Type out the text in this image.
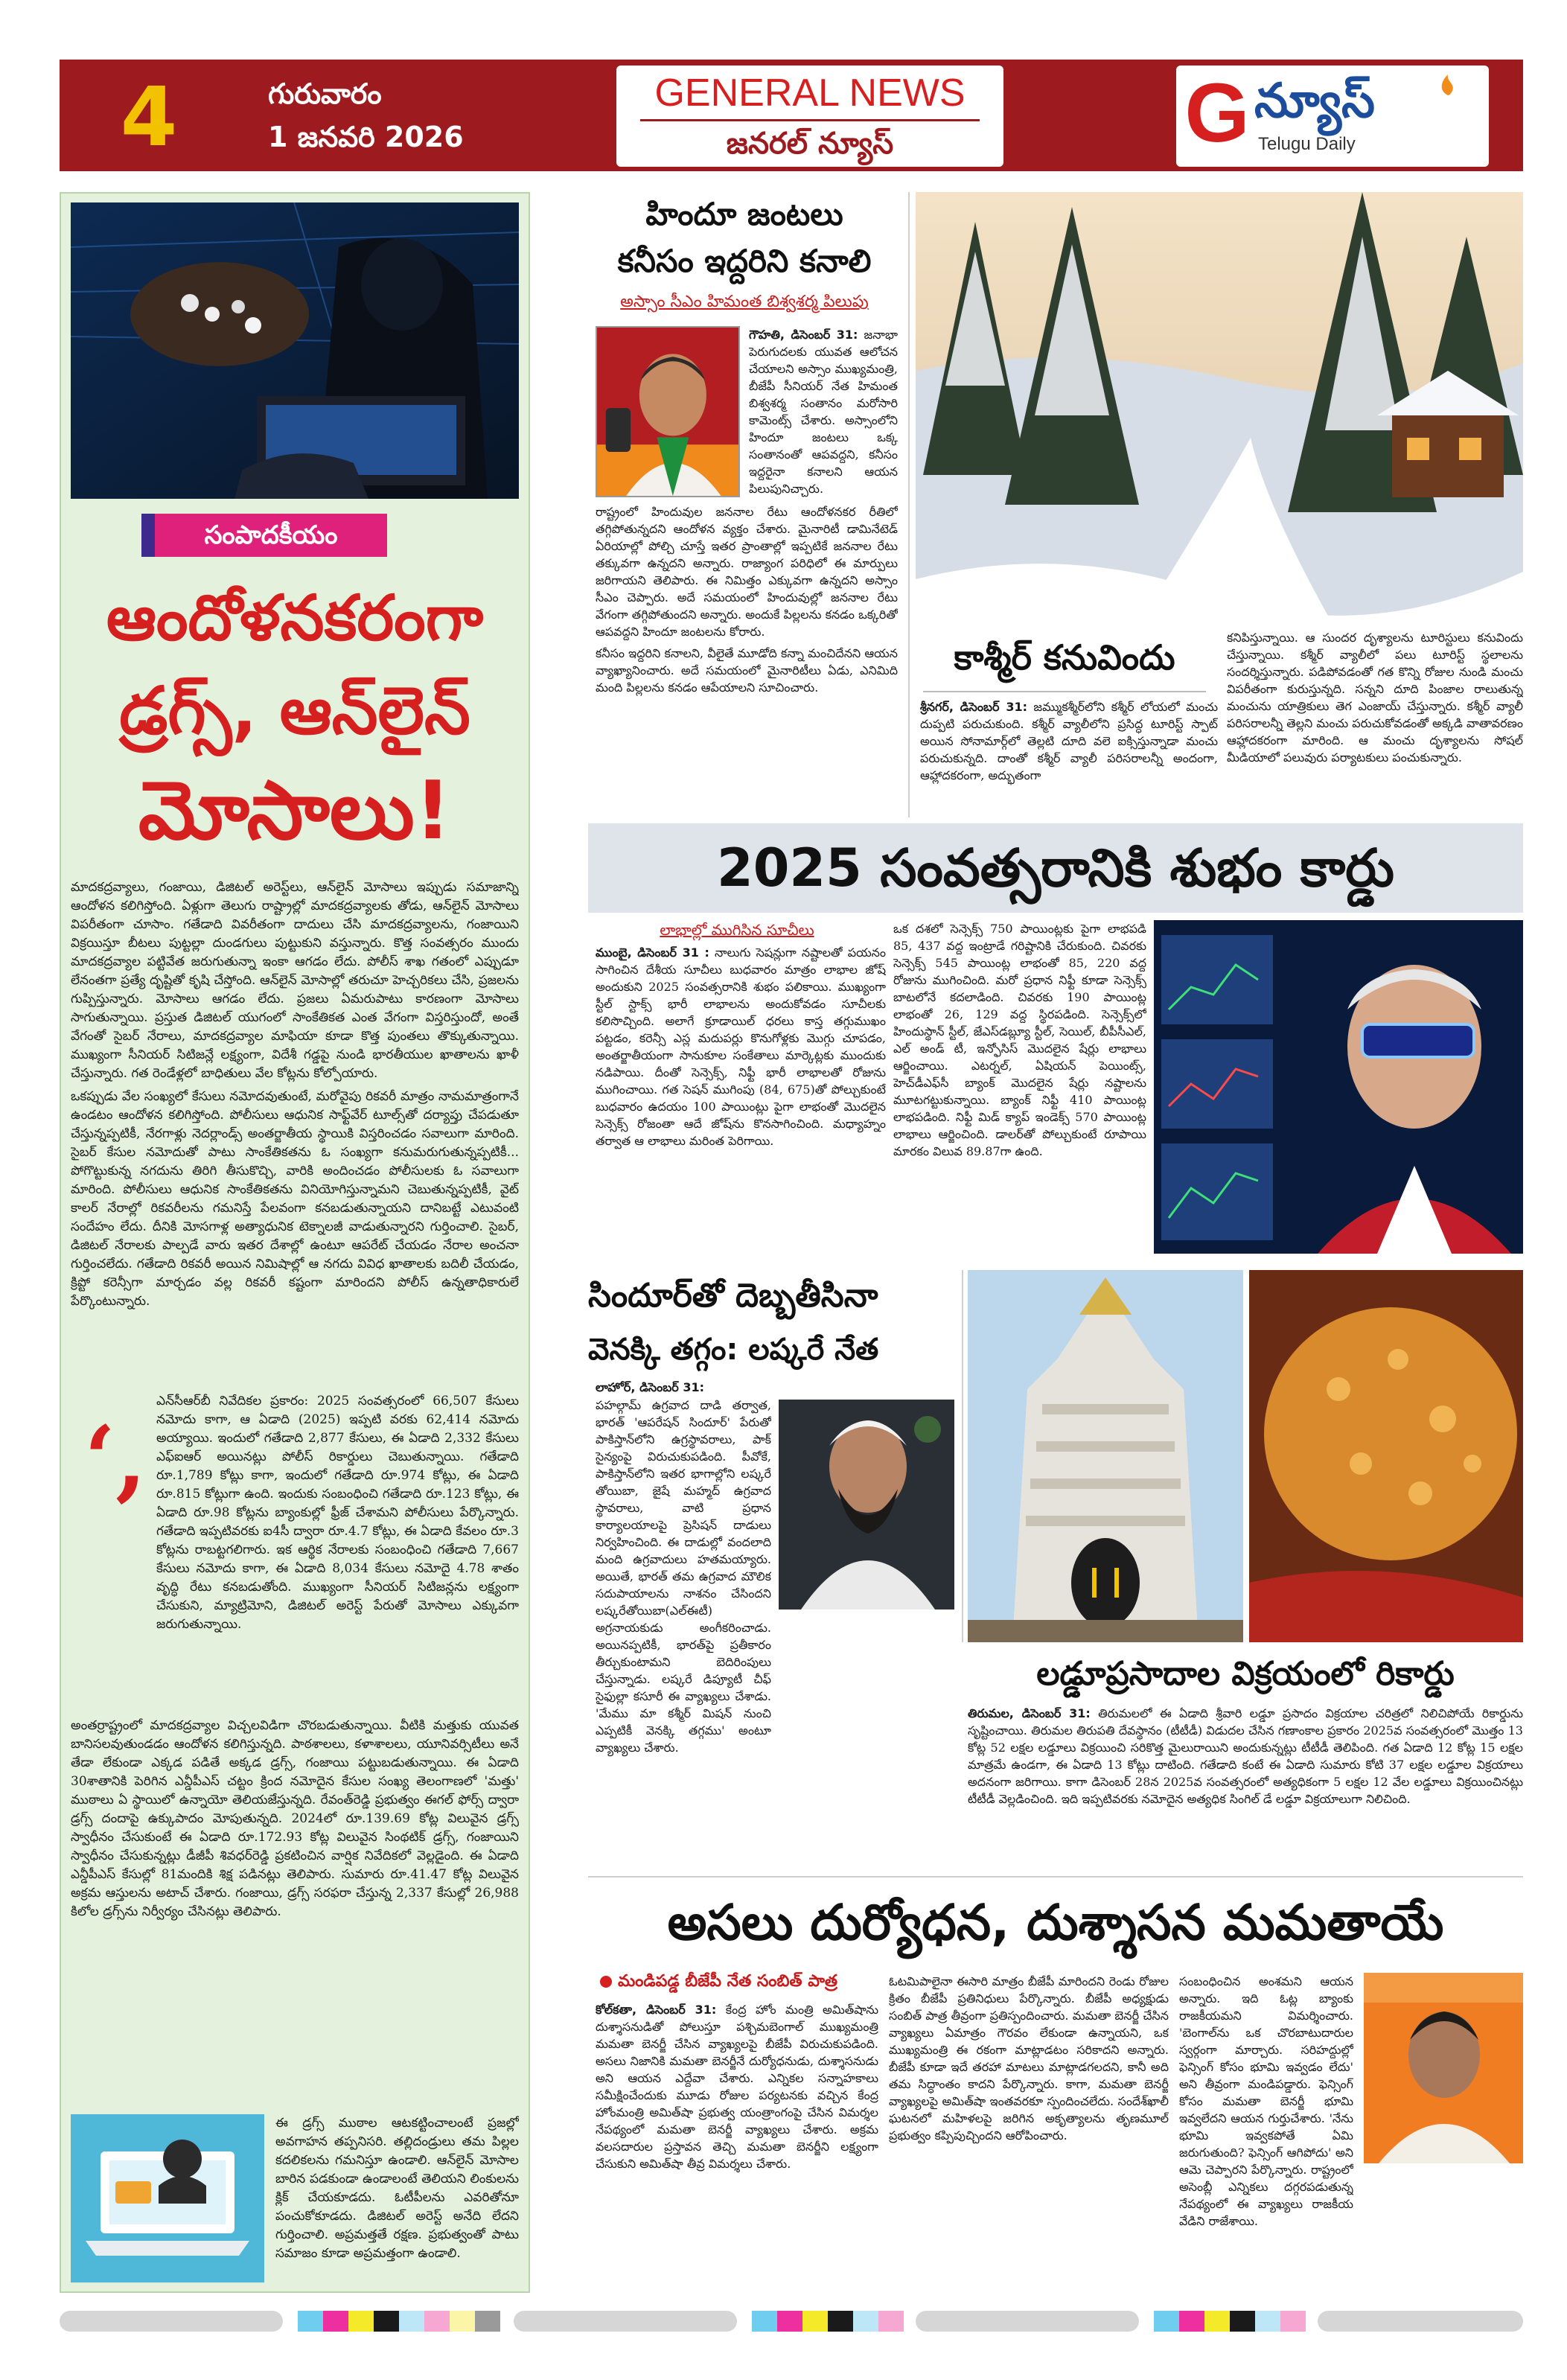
4	గురువారం
1 జనవరి 2026
GENERAL NEWS
జనరల్ న్యూస్	G న్యూస్
Telugu Daily
సంపాదకీయం
ఆందోళనకరంగా
డ్రగ్స్, ఆన్‌లైన్
మోసాలు!

మాదకద్రవ్యాలు, గంజాయి, డిజిటల్ అరెస్ట్‌లు, ఆన్‌లైన్ మోసాలు ఇప్పుడు సమాజాన్ని ఆందోళన కలిగిస్తోంది. ఏళ్లుగా తెలుగు రాష్ట్రాల్లో మాదకద్రవ్యాలకు తోడు, ఆన్‌లైన్ మోసాలు విపరీతంగా చూసాం. గతేడాది వివరీతంగా దాదులు చేసి మాదకద్రవ్యాలను, గంజాయిని విక్రయిస్తూ బీటలు పుట్టల్లా దుండగులు పుట్టుకుని వస్తున్నారు. కొత్త సంవత్సరం ముందు మాదకద్రవ్యాల పట్టివేత జరుగుతున్నా ఇంకా ఆగడం లేదు. పోలీస్ శాఖ గతంలో ఎప్పుడూ లేనంతగా ప్రత్యే దృష్టితో కృషి చేస్తోంది. ఆన్‌లైన్ మోసాల్లో తరుచూ హెచ్చరికలు చేసి, ప్రజలను గుప్పిస్తున్నారు. మోసాలు ఆగడం లేదు. ప్రజలు ఏమరుపాటు కారణంగా మోసాలు సాగుతున్నాయి. ప్రస్తుత డిజిటల్ యుగంలో సాంకేతికత ఎంత వేగంగా విస్తరిస్తుందో, అంతే వేగంతో సైబర్ నేరాలు, మాదకద్రవ్యాల మాఫియా కూడా కొత్త పుంతలు తొక్కుతున్నాయి. ముఖ్యంగా సీనియర్ సిటిజన్లే లక్ష్యంగా, విదేశీ గడ్డపై నుండి భారతీయుల ఖాతాలను ఖాళీ చేస్తున్నారు. గత రెండేళ్లలో బాధితులు వేల కోట్లను కోల్పోయారు.

ఒకప్పుడు వేల సంఖ్యలో కేసులు నమోదవుతుంటే, మరోవైపు రికవరీ మాత్రం నామమాత్రంగానే ఉండటం ఆందోళన కలిగిస్తోంది. పోలీసులు ఆధునిక సాఫ్ట్‌వేర్ టూల్స్‌తో దర్యాప్తు చేపడుతూ చేస్తున్నప్పటికీ, నేరగాళ్లు నెదర్లాండ్స్ అంతర్జాతీయ స్థాయికి విస్తరించడం సవాలుగా మారింది. సైబర్ కేసుల నమోదుతో పాటు సాంకేతికతను ఓ సంఖ్యగా కనుమరుగుతున్నప్పటికీ... పోగొట్టుకున్న నగదును తిరిగి తీసుకొచ్చి, వారికి అందించడం పోలీసులకు ఓ సవాలుగా మారింది. పోలీసులు ఆధునిక సాంకేతికతను వినియోగిస్తున్నామని చెబుతున్నప్పటికీ, వైట్ కాలర్ నేరాల్లో రికవరీలను గమనిస్తే పేలవంగా కనబడుతున్నాయని దానిబట్టే ఎటువంటి సందేహం లేదు. దీనికి మోసగాళ్ల అత్యాధునిక టెక్నాలజీ వాడుతున్నారని గుర్తించాలి. సైబర్, డిజిటల్ నేరాలకు పాల్పడే వారు ఇతర దేశాల్లో ఉంటూ ఆపరేట్ చేయడం నేరాల అంచనా గుర్తించలేదు. గతేడాది రికవరీ అయిన నిమిషాల్లో ఆ నగదు వివిధ ఖాతాలకు బదిలీ చేయడం, క్రిప్టో కరెన్సీగా మార్చడం వల్ల రికవరీ కష్టంగా మారిందని పోలీస్ ఉన్నతాధికారులే పేర్కొంటున్నారు.

‘,

ఎన్‌సీఆర్‌బీ నివేదికల ప్రకారం: 2025 సంవత్సరంలో 66,507 కేసులు నమోదు కాగా, ఆ ఏడాది (2025) ఇప్పటి వరకు 62,414 నమోదు అయ్యాయి. ఇందులో గతేడాది 2,877 కేసులు, ఈ ఏడాది 2,332 కేసులు ఎఫ్‌ఐఆర్ అయినట్లు పోలీస్ రికార్డులు చెబుతున్నాయి. గతేడాది రూ.1,789 కోట్లు కాగా, ఇందులో గతేడాది రూ.974 కోట్లు, ఈ ఏడాది రూ.815 కోట్లుగా ఉంది. ఇందుకు సంబంధించి గతేడాది రూ.123 కోట్లు, ఈ ఏడాది రూ.98 కోట్లను బ్యాంకుల్లో ఫ్రీజ్ చేశామని పోలీసులు పేర్కొన్నారు. గతేడాది ఇప్పటివరకు ఐ4సీ ద్వారా రూ.4.7 కోట్లు, ఈ ఏడాది కేవలం రూ.3 కోట్లను రాబట్టగలిగారు. ఇక ఆర్థిక నేరాలకు సంబంధించి గతేడాది 7,667 కేసులు నమోదు కాగా, ఈ ఏడాది 8,034 కేసులు నమోదై 4.78 శాతం వృద్ధి రేటు కనబడుతోంది. ముఖ్యంగా సీనియర్ సిటిజన్లను లక్ష్యంగా చేసుకుని, మ్యాట్రిమోని, డిజిటల్ అరెస్ట్ పేరుతో మోసాలు ఎక్కువగా జరుగుతున్నాయి.

అంతర్రాష్ట్రంలో మాదకద్రవ్యాల విచ్చలవిడిగా చొరబడుతున్నాయి. వీటికి మత్తుకు యువత బానిసలవుతుండడం ఆందోళన కలిగిస్తున్నది. పాఠశాలలు, కళాశాలలు, యూనివర్సిటీలు అనే తేడా లేకుండా ఎక్కడ పడితే అక్కడ డ్రగ్స్, గంజాయి పట్టుబడుతున్నాయి. ఈ ఏడాది 30శాతానికి పెరిగిన ఎన్డీపీఎస్ చట్టం క్రింద నమోదైన కేసుల సంఖ్య తెలంగాణలో 'మత్తు' ముఠాలు ఏ స్థాయిలో ఉన్నాయో తెలియజేస్తున్నది. రేవంత్‌రెడ్డి ప్రభుత్వం ఈగల్ ఫోర్స్ ద్వారా డ్రగ్స్ దందాపై ఉక్కుపాదం మోపుతున్నది. 2024లో రూ.139.69 కోట్ల విలువైన డ్రగ్స్ స్వాధీనం చేసుకుంటే ఈ ఏడాది రూ.172.93 కోట్ల విలువైన సింథటిక్ డ్రగ్స్, గంజాయిని స్వాధీనం చేసుకున్నట్లు డీజీపీ శివధర్‌రెడ్డి ప్రకటించిన వార్షిక నివేదికలో వెల్లడైంది. ఈ ఏడాది ఎన్డీపీఎస్ కేసుల్లో 81మందికి శిక్ష పడినట్లు తెలిపారు. సుమారు రూ.41.47 కోట్ల విలువైన అక్రమ ఆస్తులను అటాచ్ చేశారు. గంజాయి, డ్రగ్స్ సరఫరా చేస్తున్న 2,337 కేసుల్లో 26,988 కిలోల డ్రగ్స్‌ను నిర్వీర్యం చేసినట్లు తెలిపారు.

ఈ డ్రగ్స్ ముఠాల ఆటకట్టించాలంటే ప్రజల్లో అవగాహన తప్పనిసరి. తల్లిదండ్రులు తమ పిల్లల కదలికలను గమనిస్తూ ఉండాలి. ఆన్‌లైన్ మోసాల బారిన పడకుండా ఉండాలంటే తెలియని లింకులను క్లిక్ చేయకూడదు. ఓటీపీలను ఎవరితోనూ పంచుకోకూడదు. డిజిటల్ అరెస్ట్ అనేది లేదని గుర్తించాలి. అప్రమత్తతే రక్షణ. ప్రభుత్వంతో పాటు సమాజం కూడా అప్రమత్తంగా ఉండాలి.

హిందూ జంటలు
కనీసం ఇద్దరిని కనాలి
అస్సాం సీఎం హిమంత బిశ్వశర్మ పిలుపు

గౌహతి, డిసెంబర్ 31: జనాభా పెరుగుదలకు యువత ఆలోచన చేయాలని అస్సాం ముఖ్యమంత్రి, బీజేపీ సీనియర్ నేత హిమంత బిశ్వశర్మ సంతానం మరోసారి కామెంట్స్ చేశారు. అస్సాంలోని హిందూ జంటలు ఒక్క సంతానంతో ఆపవద్దని, కనీసం ఇద్దరైనా కనాలని ఆయన పిలుపునిచ్చారు.

రాష్ట్రంలో హిందువుల జననాల రేటు ఆందోళనకర రీతిలో తగ్గిపోతున్నదని ఆందోళన వ్యక్తం చేశారు. మైనారిటీ డామినేటెడ్ ఏరియాల్లో పోల్చి చూస్తే ఇతర ప్రాంతాల్లో ఇప్పటికే జననాల రేటు తక్కువగా ఉన్నదని అన్నారు. రాజ్యాంగ పరిధిలో ఈ మార్పులు జరిగాయని తెలిపారు. ఈ నిమిత్తం ఎక్కువగా ఉన్నదని అస్సాం సీఎం చెప్పారు. అదే సమయంలో హిందువుల్లో జననాల రేటు వేగంగా తగ్గిపోతుందని అన్నారు. అందుకే పిల్లలను కనడం ఒక్కరితో ఆపవద్దని హిందూ జంటలను కోరారు.

కనీసం ఇద్దరిని కనాలని, వీలైతే మూడోది కన్నా మంచిదేనని ఆయన వ్యాఖ్యానించారు. అదే సమయంలో మైనారిటీలు ఏడు, ఎనిమిది మంది పిల్లలను కనడం ఆపేయాలని సూచించారు.

కాశ్మీర్ కనువిందు

శ్రీనగర్, డిసెంబర్ 31: జమ్ముకశ్మీర్‌లోని కశ్మీర్ లోయలో మంచు దుప్పటి పరుచుకుంది. కశ్మీర్ వ్యాలీలోని ప్రసిద్ధ టూరిస్ట్ స్పాట్ అయిన సోనామార్గ్‌లో తెల్లటి దూది వలె ఐక్సిస్తున్నాడా మంచు పరుచుకున్నది. దాంతో కశ్మీర్ వ్యాలీ పరిసరాలన్నీ అందంగా, ఆహ్లాదకరంగా, అద్భుతంగా

కనిపిస్తున్నాయి. ఆ సుందర దృశ్యాలను టూరిస్టులు కనువిందు చేస్తున్నాయి. కశ్మీర్ వ్యాలీలో పలు టూరిస్ట్ స్థలాలను సందర్శిస్తున్నారు. పడిపోవడంతో గత కొన్ని రోజుల నుండి మంచు విపరీతంగా కురుస్తున్నది. సన్నని దూది పింజాల రాలుతున్న మంచును యాత్రికులు తెగ ఎంజాయ్ చేస్తున్నారు. కశ్మీర్ వ్యాలీ పరిసరాలన్నీ తెల్లని మంచు పరుచుకోవడంతో అక్కడి వాతావరణం ఆహ్లాదకరంగా మారింది. ఆ మంచు దృశ్యాలను సోషల్ మీడియాలో పలువురు పర్యాటకులు పంచుకున్నారు.

2025 సంవత్సరానికి శుభం కార్డు
లాభాల్లో ముగిసిన సూచీలు

ముంబై, డిసెంబర్ 31 : నాలుగు సెషన్లుగా నష్టాలతో పయనం సాగించిన దేశీయ సూచీలు బుధవారం మాత్రం లాభాల జోష్ అందుకుని 2025 సంవత్సరానికి శుభం పలికాయి. ముఖ్యంగా స్టీల్ స్టాక్స్ భారీ లాభాలను అందుకోవడం సూచీలకు కలిసొచ్చింది. అలాగే క్రూడాయిల్ ధరలు కాస్త తగ్గుముఖం పట్టడం, కరెన్సీ ఎస్ల మదుపర్లు కొనుగోళ్లకు మొగ్గు చూపడం, అంతర్జాతీయంగా సానుకూల సంకేతాలు మార్కెట్లకు ముందుకు నడిపాయి. దీంతో సెన్సెక్స్, నిఫ్టీ భారీ లాభాలతో రోజును ముగించాయి. గత సెషన్ ముగింపు (84, 675)తో పోల్చుకుంటే బుధవారం ఉదయం 100 పాయింట్లు పైగా లాభంతో మొదలైన సెన్సెక్స్ రోజంతా ఆదే జోష్‌ను కొనసాగించింది. మధ్యాహ్నం తర్వాత ఆ లాభాలు మరింత పెరిగాయి.

ఒక దశలో సెన్సెక్స్ 750 పాయింట్లకు పైగా లాభపడి 85, 437 వద్ద ఇంట్రాడే గరిష్టానికి చేరుకుంది. చివరకు సెన్సెక్స్ 545 పాయింట్ల లాభంతో 85, 220 వద్ద రోజును ముగించింది. మరో ప్రధాన నిఫ్టీ కూడా సెన్సెక్స్ బాటలోనే కదలాడింది. చివరకు 190 పాయింట్ల లాభంతో 26, 129 వద్ద స్థిరపడింది. సెన్సెక్స్‌లో హిందుస్థాన్ స్టీల్, జేఎస్‌డబ్ల్యూ స్టీల్, సెయిల్, బీపీసీఎల్, ఎల్ అండ్ టీ, ఇన్ఫోసిస్ మొదలైన షేర్లు లాభాలు ఆర్జించాయి. ఎటర్నల్, ఏషియన్ పెయింట్స్, హెచ్‌డీఎఫ్‌సీ బ్యాంక్ మొదలైన షేర్లు నష్టాలను మూటగట్టుకున్నాయి. బ్యాంక్ నిఫ్టీ 410 పాయింట్ల లాభపడింది. నిఫ్టీ మిడ్ క్యాప్ ఇండెక్స్ 570 పాయింట్ల లాభాలు ఆర్జించింది. డాలర్‌తో పోల్చుకుంటే రూపాయి మారకం విలువ 89.87గా ఉంది.

సిందూర్‌తో దెబ్బతీసినా
వెనక్కి తగ్గం: లష్కరే నేత

లాహోర్, డిసెంబర్ 31:

పహల్గామ్ ఉగ్రవాద దాడి తర్వాత, భారత్ 'ఆపరేషన్ సిందూర్' పేరుతో పాకిస్తాన్‌లోని ఉగ్రస్థావరాలు, పాక్ సైన్యంపై విరుచుకుపడింది. పీవోకే, పాకిస్తాన్‌లోని ఇతర భాగాల్లోని లష్కరే తోయిబా, జైషే మహ్మద్ ఉగ్రవాద స్థావరాలు, వాటి ప్రధాన కార్యాలయాలపై ప్రెసిషన్ దాడులు నిర్వహించింది. ఈ దాడుల్లో వందలాది మంది ఉగ్రవాదులు హతమయ్యారు. అయితే, భారత్ తమ ఉగ్రవాద మౌలిక సదుపాయాలను నాశనం చేసిందని లష్కరేతోయిబా(ఎల్ఈటీ) అగ్రనాయకుడు అంగీకరించాడు. అయినప్పటికీ, భారత్‌పై ప్రతీకారం తీర్చుకుంటామని బెదిరింపులు చేస్తున్నాడు. లష్కరే డిప్యూటీ చీఫ్ సైఫుల్లా కసూరీ ఈ వ్యాఖ్యలు చేశాడు. 'మేము మా కశ్మీర్ మిషన్ నుంచి ఎప్పటికీ వెనక్కి తగ్గము' అంటూ వ్యాఖ్యలు చేశారు.

లడ్డూప్రసాదాల విక్రయంలో రికార్డు

తిరుమల, డిసెంబర్ 31: తిరుమలలో ఈ ఏడాది శ్రీవారి లడ్డూ ప్రసాదం విక్రయాల చరిత్రలో నిలిచిపోయే రికార్డును సృష్టించాయి. తిరుమల తిరుపతి దేవస్థానం (టీటీడీ) విడుదల చేసిన గణాంకాల ప్రకారం 2025వ సంవత్సరంలో మొత్తం 13 కోట్ల 52 లక్షల లడ్డూలు విక్రయించి సరికొత్త మైలురాయిని అందుకున్నట్లు టీటీడీ తెలిపింది. గత ఏడాది 12 కోట్ల 15 లక్షల మాత్రమే ఉండగా, ఈ ఏడాది 13 కోట్లు దాటింది. గతేడాది కంటే ఈ ఏడాది సుమారు కోటి 37 లక్షల లడ్డూల విక్రయాలు అదనంగా జరిగాయి. కాగా డిసెంబర్ 28న 2025వ సంవత్సరంలో అత్యధికంగా 5 లక్షల 12 వేల లడ్డూలు విక్రయించినట్లు టీటీడీ వెల్లడించింది. ఇది ఇప్పటివరకు నమోదైన అత్యధిక సింగిల్ డే లడ్డూ విక్రయాలుగా నిలిచింది.

అసలు దుర్యోధన, దుశ్శాసన మమతాయే
మండిపడ్డ బీజేపీ నేత సంబిత్ పాత్ర

కోల్‌కతా, డిసెంబర్ 31: కేంద్ర హోం మంత్రి అమిత్‌షాను దుశ్శాసనుడితో పోలుస్తూ పశ్చిమబెంగాల్ ముఖ్యమంత్రి మమతా బెనర్జీ చేసిన వ్యాఖ్యలపై బీజేపీ విరుచుకుపడింది. అసలు నిజానికి మమతా బెనర్జీనే దుర్యోధనుడు, దుశ్శాసనుడు అని ఆయన ఎద్దేవా చేశారు. ఎన్నికల సన్నాహకాలు సమీక్షించేందుకు మూడు రోజుల పర్యటనకు వచ్చిన కేంద్ర హోంమంత్రి అమిత్‌షా ప్రభుత్వ యంత్రాంగంపై చేసిన విమర్శల నేపథ్యంలో మమతా బెనర్జీ వ్యాఖ్యలు చేశారు. అక్రమ వలసదారుల ప్రస్తావన తెచ్చి మమతా బెనర్జీని లక్ష్యంగా చేసుకుని అమిత్‌షా తీవ్ర విమర్శలు చేశారు.

ఓటమిపాలైనా ఈసారి మాత్రం బీజేపీ మారిందని రెండు రోజుల క్రితం బీజేపీ ప్రతినిధులు పేర్కొన్నారు. బీజేపీ అధ్యక్షుడు సంబిత్ పాత్ర తీవ్రంగా ప్రతిస్పందించారు. మమతా బెనర్జీ చేసిన వ్యాఖ్యలు ఏమాత్రం గౌరవం లేకుండా ఉన్నాయని, ఒక ముఖ్యమంత్రి ఈ రకంగా మాట్లాడటం సరికాదని అన్నారు. బీజేపీ కూడా ఇదే తరహా మాటలు మాట్లాడగలదని, కానీ అది తమ సిద్ధాంతం కాదని పేర్కొన్నారు. కాగా, మమతా బెనర్జీ వ్యాఖ్యలపై అమిత్‌షా ఇంతవరకూ స్పందించలేదు. సందేశ్‌ఖాలీ ఘటనలో మహిళలపై జరిగిన అకృత్యాలను తృణమూల్ ప్రభుత్వం కప్పిపుచ్చిందని ఆరోపించారు.

సంబంధించిన అంశమని ఆయన అన్నారు. ఇది ఓట్ల బ్యాంకు రాజకీయమని విమర్శించారు. 'బెంగాల్‌ను ఒక చొరబాటుదారుల స్వర్గంగా మార్చారు. సరిహద్దుల్లో ఫెన్సింగ్ కోసం భూమి ఇవ్వడం లేదు' అని తీవ్రంగా మండిపడ్డారు. ఫెన్సింగ్ కోసం మమతా బెనర్జీ భూమి ఇవ్వలేదని ఆయన గుర్తుచేశారు. 'నేను భూమి ఇవ్వకపోతే ఏమి జరుగుతుంది? ఫెన్సింగ్ ఆగిపోదు' అని ఆమె చెప్పారని పేర్కొన్నారు. రాష్ట్రంలో అసెంబ్లీ ఎన్నికలు దగ్గరపడుతున్న నేపథ్యంలో ఈ వ్యాఖ్యలు రాజకీయ వేడిని రాజేశాయి.
